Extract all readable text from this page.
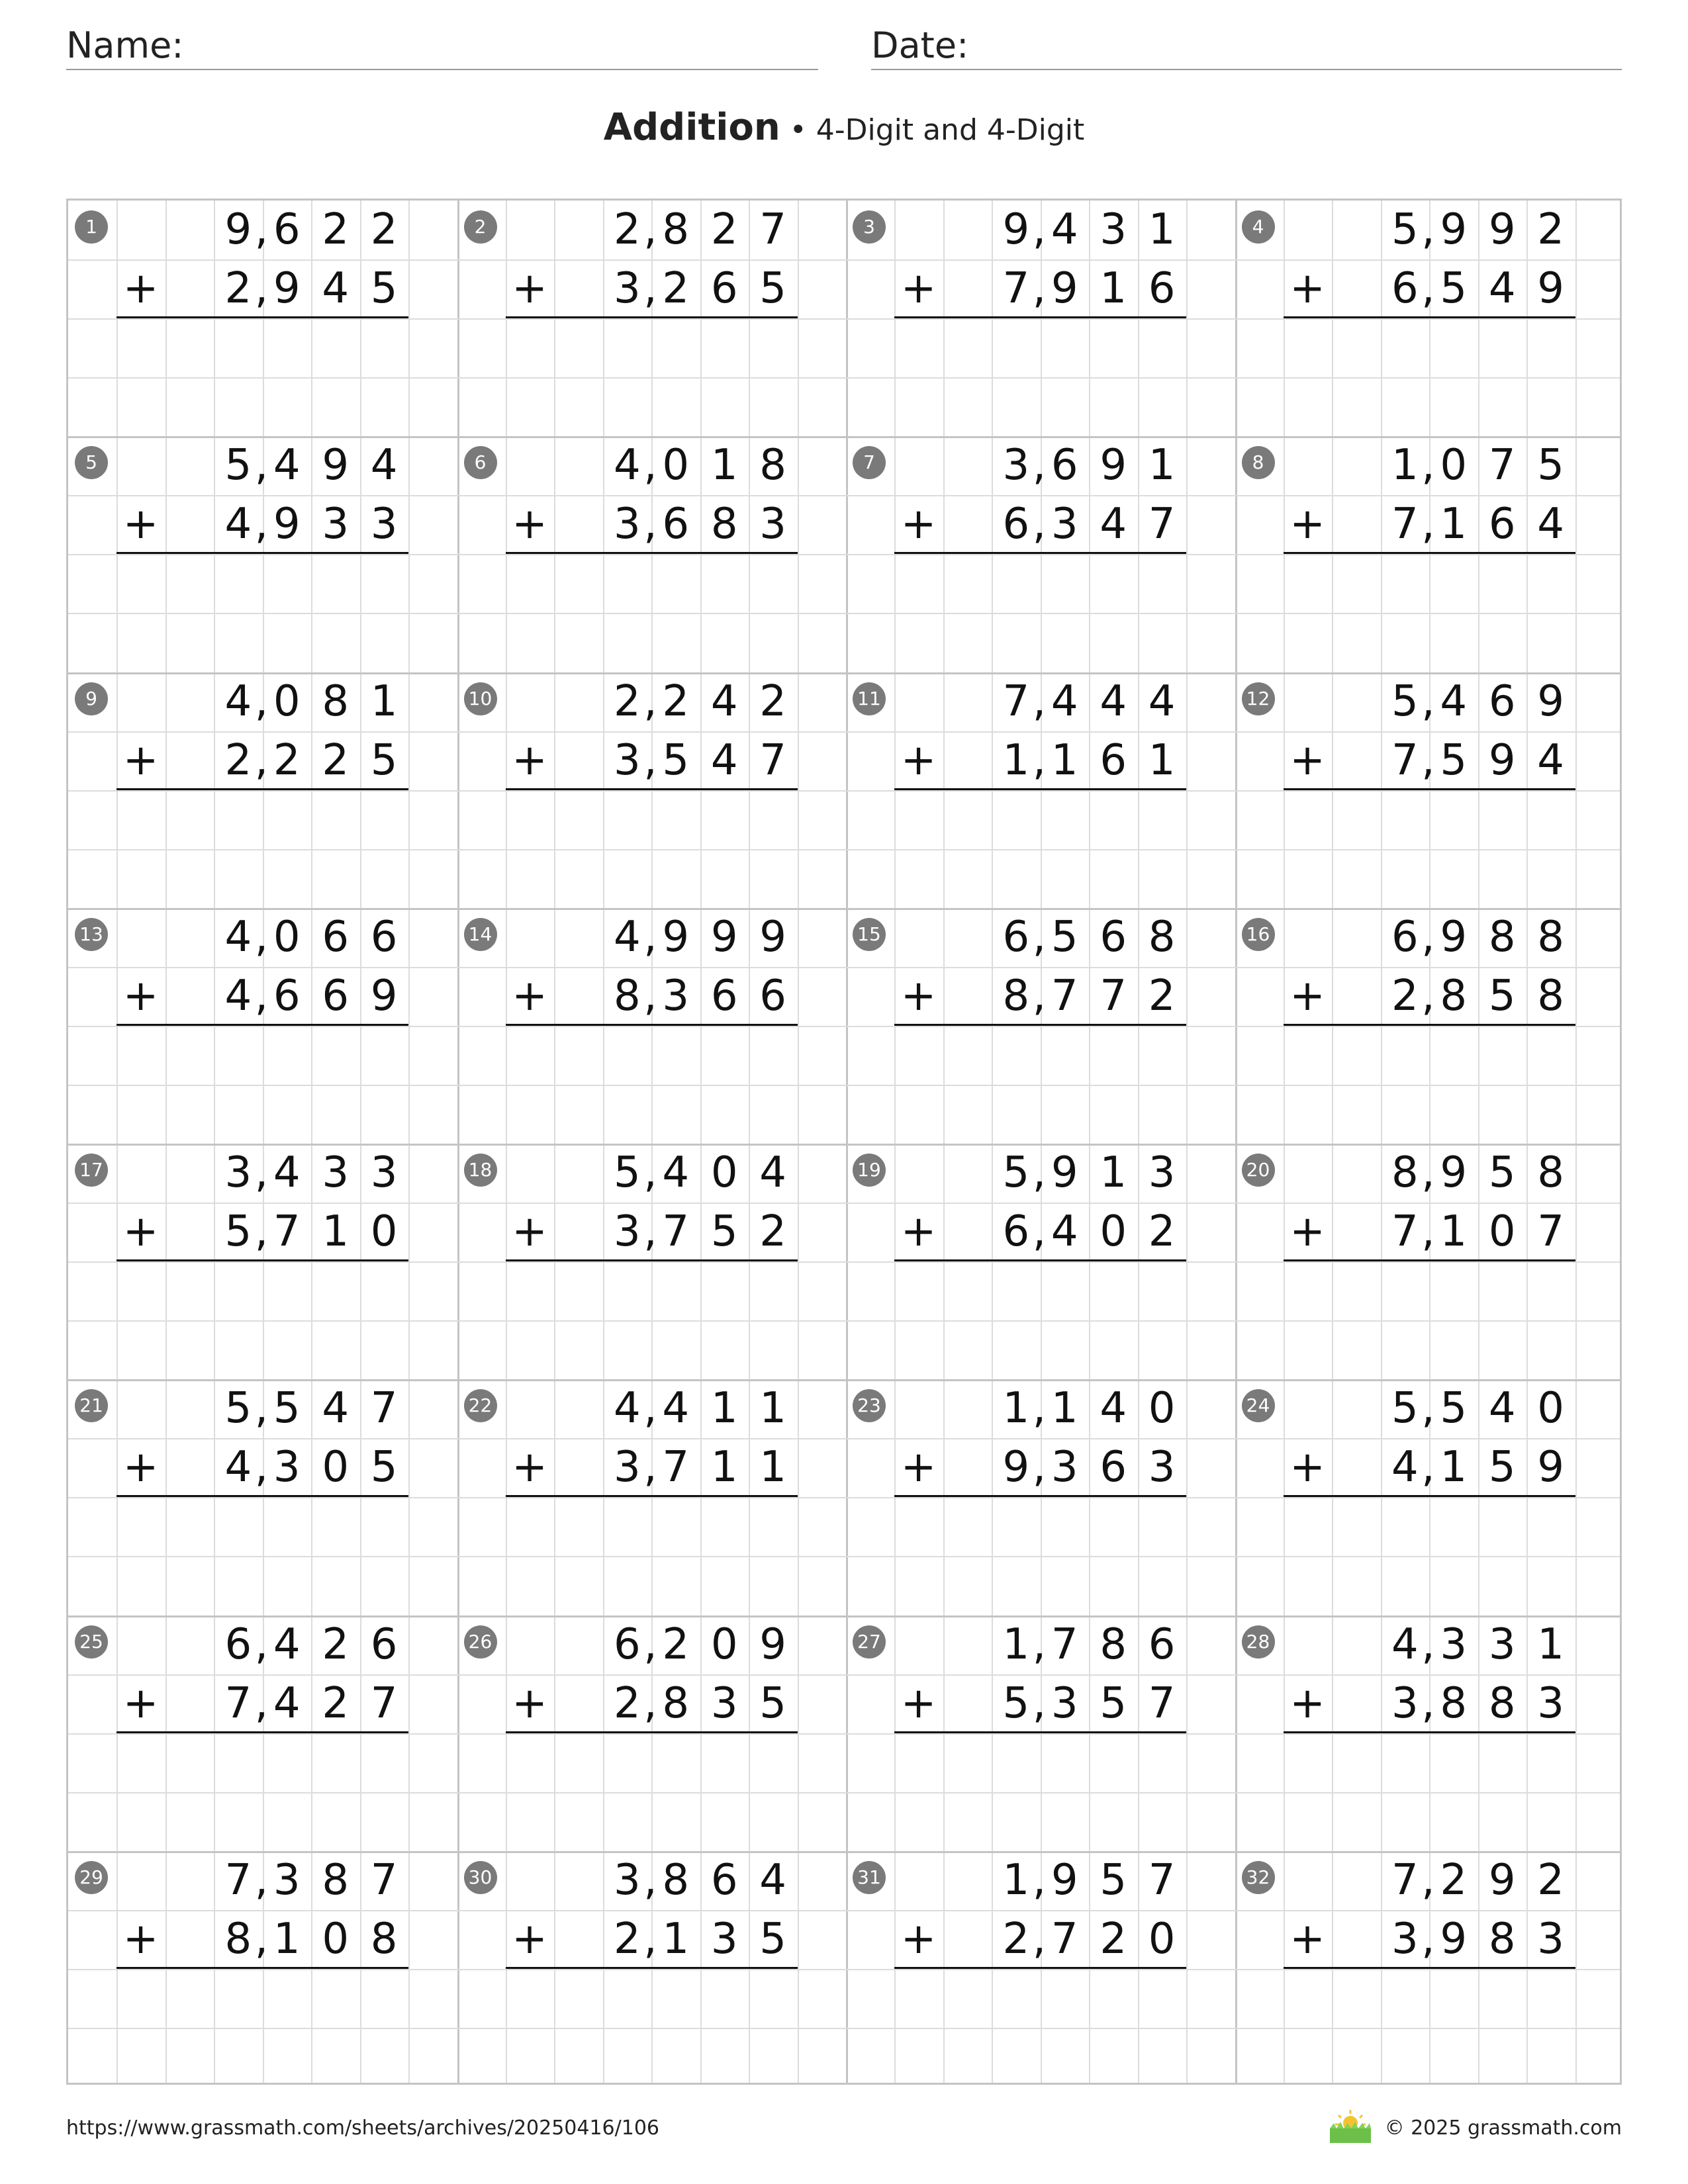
Name:	Date:
Addition • 4-Digit and 4-Digit
1	9 6 2 2
,
2 9 4 5
,
+
2	2 8 2 7
,
3 2 6 5
,
+
3	9 4 3 1
,
7 9 1 6
,
+
4	5 9 9 2
,
6 5 4 9
,
+
5	5 4 9 4
,
4 9 3 3
,
+
6	4 0 1 8
,
3 6 8 3
,
+
7	3 6 9 1
,
6 3 4 7
,
+
8	1 0 7 5
,
7 1 6 4
,
+
9	4 0 8 1
,
2 2 2 5
,
+
10	2 2 4 2
,
3 5 4 7
,
+
11	7 4 4 4
,
1 1 6 1
,
+
12	5 4 6 9
,
7 5 9 4
,
+
13	4 0 6 6
,
4 6 6 9
,
+
14	4 9 9 9
,
8 3 6 6
,
+
15	6 5 6 8
,
8 7 7 2
,
+
16	6 9 8 8
,
2 8 5 8
,
+
17	3 4 3 3
,
5 7 1 0
,
+
18	5 4 0 4
,
3 7 5 2
,
+
19	5 9 1 3
,
6 4 0 2
,
+
20	8 9 5 8
,
7 1 0 7
,
+
21	5 5 4 7
,
4 3 0 5
,
+
22	4 4 1 1
,
3 7 1 1
,
+
23	1 1 4 0
,
9 3 6 3
,
+
24	5 5 4 0
,
4 1 5 9
,
+
25	6 4 2 6
,
7 4 2 7
,
+
26	6 2 0 9
,
2 8 3 5
,
+
27	1 7 8 6
,
5 3 5 7
,
+
28	4 3 3 1
,
3 8 8 3
,
+
29	7 3 8 7
,
8 1 0 8
,
+
30	3 8 6 4
,
2 1 3 5
,
+
31	1 9 5 7
,
2 7 2 0
,
+
32	7 2 9 2
,
3 9 8 3
,
+
https://www.grassmath.com/sheets/archives/20250416/106	© 2025 grassmath.com
